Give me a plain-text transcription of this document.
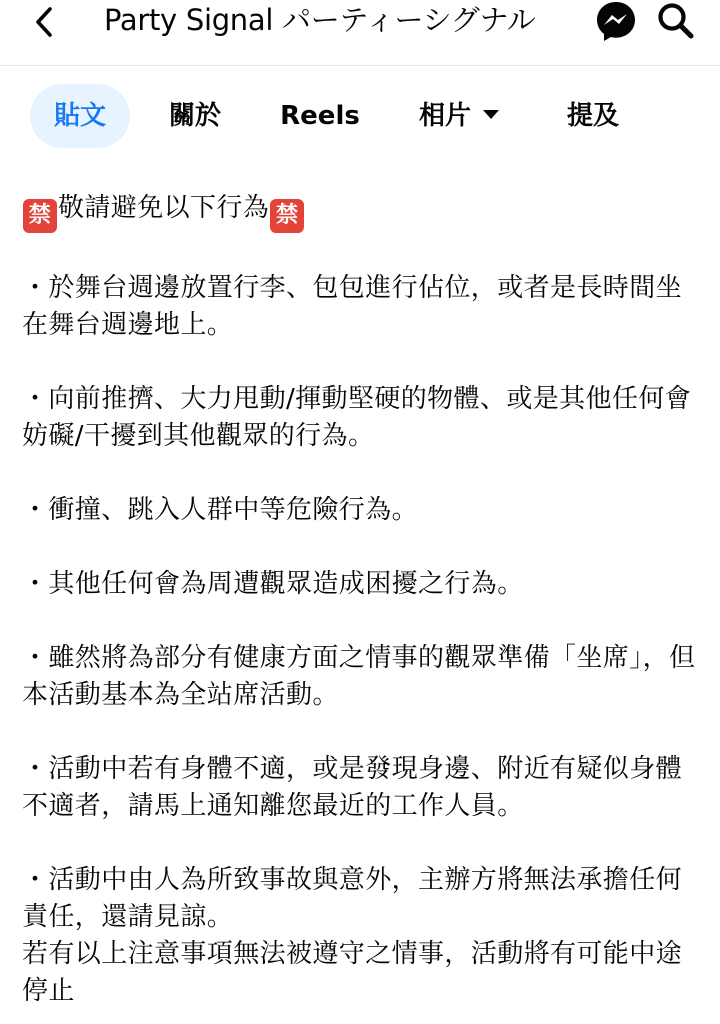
Party Signal パーティーシグナル
貼文	關於	Reels	相片	提及

禁 敬請避免以下行為 禁

・於舞台週邊放置行李、包包進行佔位，或者是長時間坐在舞台週邊地上。

・向前推擠、大力甩動/揮動堅硬的物體、或是其他任何會妨礙/干擾到其他觀眾的行為。

・衝撞、跳入人群中等危險行為。

・其他任何會為周遭觀眾造成困擾之行為。

・雖然將為部分有健康方面之情事的觀眾準備「坐席」，但本活動基本為全站席活動。

・活動中若有身體不適，或是發現身邊、附近有疑似身體不適者，請馬上通知離您最近的工作人員。

・活動中由人為所致事故與意外，主辦方將無法承擔任何責任，還請見諒。

若有以上注意事項無法被遵守之情事，活動將有可能中途停止
